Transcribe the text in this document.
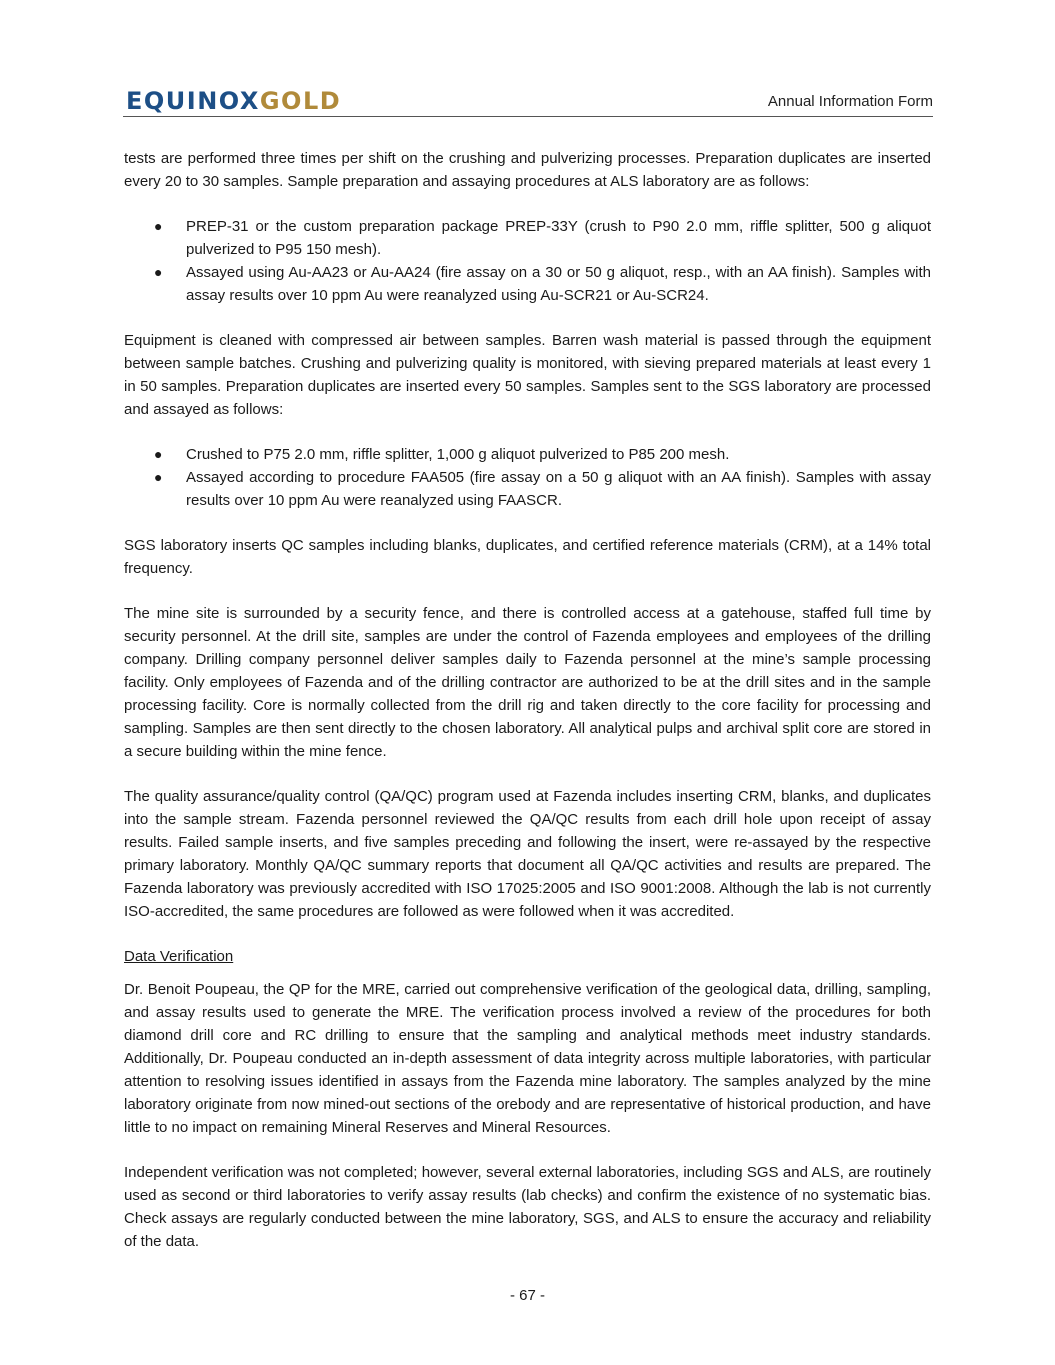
EQUINOXGOLD	Annual Information Form

tests are performed three times per shift on the crushing and pulverizing processes. Preparation duplicates are inserted every 20 to 30 samples. Sample preparation and assaying procedures at ALS laboratory are as follows:

● PREP-31 or the custom preparation package PREP-33Y (crush to P90 2.0 mm, riffle splitter, 500 g aliquot pulverized to P95 150 mesh).
● Assayed using Au-AA23 or Au-AA24 (fire assay on a 30 or 50 g aliquot, resp., with an AA finish). Samples with assay results over 10 ppm Au were reanalyzed using Au-SCR21 or Au-SCR24.

Equipment is cleaned with compressed air between samples. Barren wash material is passed through the equipment between sample batches. Crushing and pulverizing quality is monitored, with sieving prepared materials at least every 1 in 50 samples. Preparation duplicates are inserted every 50 samples. Samples sent to the SGS laboratory are processed and assayed as follows:

● Crushed to P75 2.0 mm, riffle splitter, 1,000 g aliquot pulverized to P85 200 mesh.
● Assayed according to procedure FAA505 (fire assay on a 50 g aliquot with an AA finish). Samples with assay results over 10 ppm Au were reanalyzed using FAASCR.

SGS laboratory inserts QC samples including blanks, duplicates, and certified reference materials (CRM), at a 14% total frequency.

The mine site is surrounded by a security fence, and there is controlled access at a gatehouse, staffed full time by security personnel. At the drill site, samples are under the control of Fazenda employees and employees of the drilling company. Drilling company personnel deliver samples daily to Fazenda personnel at the mine’s sample processing facility. Only employees of Fazenda and of the drilling contractor are authorized to be at the drill sites and in the sample processing facility. Core is normally collected from the drill rig and taken directly to the core facility for processing and sampling. Samples are then sent directly to the chosen laboratory. All analytical pulps and archival split core are stored in a secure building within the mine fence.

The quality assurance/quality control (QA/QC) program used at Fazenda includes inserting CRM, blanks, and duplicates into the sample stream. Fazenda personnel reviewed the QA/QC results from each drill hole upon receipt of assay results. Failed sample inserts, and five samples preceding and following the insert, were re-assayed by the respective primary laboratory. Monthly QA/QC summary reports that document all QA/QC activities and results are prepared. The Fazenda laboratory was previously accredited with ISO 17025:2005 and ISO 9001:2008. Although the lab is not currently ISO-accredited, the same procedures are followed as were followed when it was accredited.

Data Verification

Dr. Benoit Poupeau, the QP for the MRE, carried out comprehensive verification of the geological data, drilling, sampling, and assay results used to generate the MRE. The verification process involved a review of the procedures for both diamond drill core and RC drilling to ensure that the sampling and analytical methods meet industry standards. Additionally, Dr. Poupeau conducted an in-depth assessment of data integrity across multiple laboratories, with particular attention to resolving issues identified in assays from the Fazenda mine laboratory. The samples analyzed by the mine laboratory originate from now mined-out sections of the orebody and are representative of historical production, and have little to no impact on remaining Mineral Reserves and Mineral Resources.

Independent verification was not completed; however, several external laboratories, including SGS and ALS, are routinely used as second or third laboratories to verify assay results (lab checks) and confirm the existence of no systematic bias. Check assays are regularly conducted between the mine laboratory, SGS, and ALS to ensure the accuracy and reliability of the data.

- 67 -
